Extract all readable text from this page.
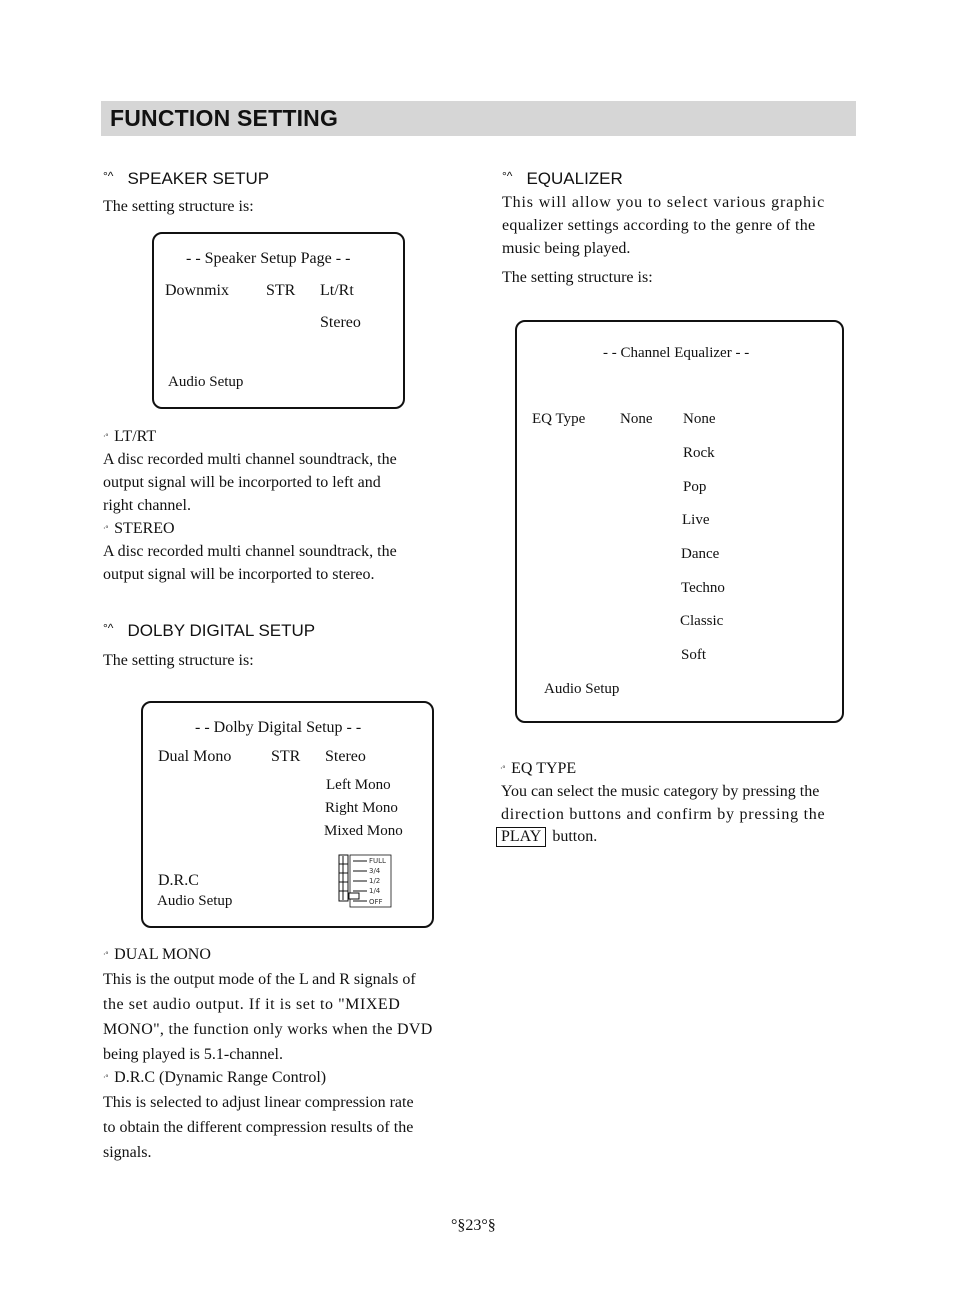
FUNCTION SETTING
°^ SPEAKER SETUP
The setting structure is:
- - Speaker Setup Page - -
Downmix STR Lt/Rt
Stereo
Audio Setup
$^{\cdot º}$ LT/RT
A disc recorded multi channel soundtrack, the
output signal will be incorported to left and
right channel.
$^{\cdot º}$ STEREO
A disc recorded multi channel soundtrack, the
output signal will be incorported to stereo.
°^ DOLBY DIGITAL SETUP
The setting structure is:
- - Dolby Digital Setup - -
Dual Mono STR Stereo
Left Mono
Right Mono
Mixed Mono
D.R.C
Audio Setup
FULL
3/4
1/2
1/4
OFF
$^{\cdot º}$ DUAL MONO
This is the output mode of the L and R signals of
the set audio output. If it is set to "MIXED
MONO", the function only works when the DVD
being played is 5.1-channel.
$^{\cdot º}$ D.R.C (Dynamic Range Control)
This is selected to adjust linear compression rate
to obtain the different compression results of the
signals.
°^ EQUALIZER
This will allow you to select various graphic
equalizer settings according to the genre of the
music being played.
The setting structure is:
- - Channel Equalizer - -
EQ Type None None
Rock
Pop
Live
Dance
Techno
Classic
Soft
Audio Setup
$^{\cdot º}$ EQ TYPE
You can select the music category by pressing the
direction buttons and confirm by pressing the
PLAY button.
°§23°§
